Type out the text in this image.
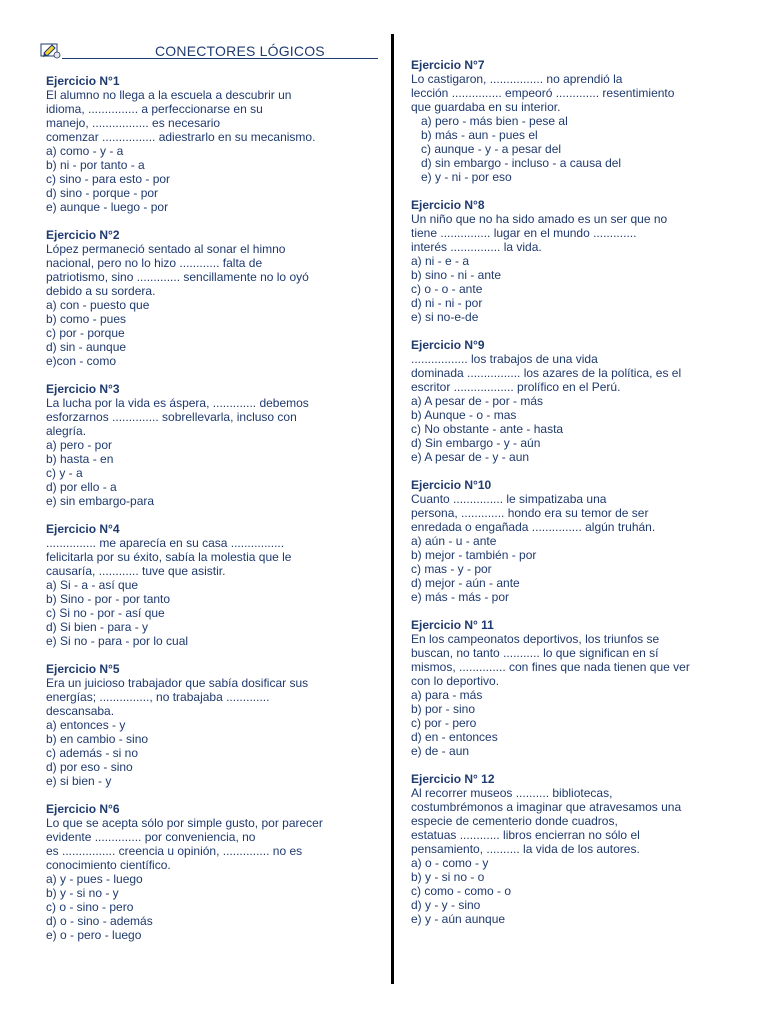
CONECTORES LÓGICOS
Ejercicio N°1
El alumno no llega a la escuela a descubrir un
idioma, ............... a perfeccionarse en su
manejo, ................. es necesario
comenzar ................ adiestrarlo en su mecanismo.
a) como - y - a
b) ni - por tanto - a
c) sino - para esto - por
d) sino - porque - por
e) aunque - luego - por
Ejercicio N°2
López permaneció sentado al sonar el himno
nacional, pero no lo hizo ............ falta de
patriotismo, sino ............. sencillamente no lo oyó
debido a su sordera.
a) con - puesto que
b) como - pues
c) por - porque
d) sin - aunque
e)con - como
Ejercicio N°3
La lucha por la vida es áspera, ............. debemos
esforzarnos .............. sobrellevarla, incluso con
alegría.
a) pero - por
b) hasta - en
c) y - a
d) por ello - a
e) sin embargo-para
Ejercicio N°4
............... me aparecía en su casa ................
felicitarla por su éxito, sabía la molestia que le
causaría, ............ tuve que asistir.
a) Si - a - así que
b) Sino - por - por tanto
c) Si no - por - así que
d) Si bien - para - y
e) Si no - para - por lo cual
Ejercicio N°5
Era un juicioso trabajador que sabía dosificar sus
energías; ..............., no trabajaba .............
descansaba.
a) entonces - y
b) en cambio - sino
c) además - si no
d) por eso - sino
e) si bien - y
Ejercicio N°6
Lo que se acepta sólo por simple gusto, por parecer
evidente .............. por conveniencia, no
es ................ creencia u opinión, .............. no es
conocimiento científico.
a) y - pues - luego
b) y - si no - y
c) o - sino - pero
d) o - sino - además
e) o - pero - luego
Ejercicio N°7
Lo castigaron, ................ no aprendió la
lección ............... empeoró ............. resentimiento
que guardaba en su interior.
a) pero - más bien - pese al
b) más - aun - pues el
c) aunque - y - a pesar del
d) sin embargo - incluso - a causa del
e) y - ni - por eso
Ejercicio N°8
Un niño que no ha sido amado es un ser que no
tiene ............... lugar en el mundo .............
interés ............... la vida.
a) ni - e - a
b) sino - ni - ante
c) o - o - ante
d) ni - ni - por
e) si no-e-de
Ejercicio N°9
................. los trabajos de una vida
dominada ................ los azares de la política, es el
escritor .................. prolífico en el Perú.
a) A pesar de - por - más
b) Aunque - o - mas
c) No obstante - ante - hasta
d) Sin embargo - y - aún
e) A pesar de - y - aun
Ejercicio N°10
Cuanto ............... le simpatizaba una
persona, ............. hondo era su temor de ser
enredada o engañada ............... algún truhán.
a) aún - u - ante
b) mejor - también - por
c) mas - y - por
d) mejor - aún - ante
e) más - más - por
Ejercicio N° 11
En los campeonatos deportivos, los triunfos se
buscan, no tanto ........... lo que significan en sí
mismos, .............. con fines que nada tienen que ver
con lo deportivo.
a) para - más
b) por - sino
c) por - pero
d) en - entonces
e) de - aun
Ejercicio N° 12
Al recorrer museos .......... bibliotecas,
costumbrémonos a imaginar que atravesamos una
especie de cementerio donde cuadros,
estatuas ............ libros encierran no sólo el
pensamiento, .......... la vida de los autores.
a) o - como - y
b) y - si no - o
c) como - como - o
d) y - y - sino
e) y - aún aunque
